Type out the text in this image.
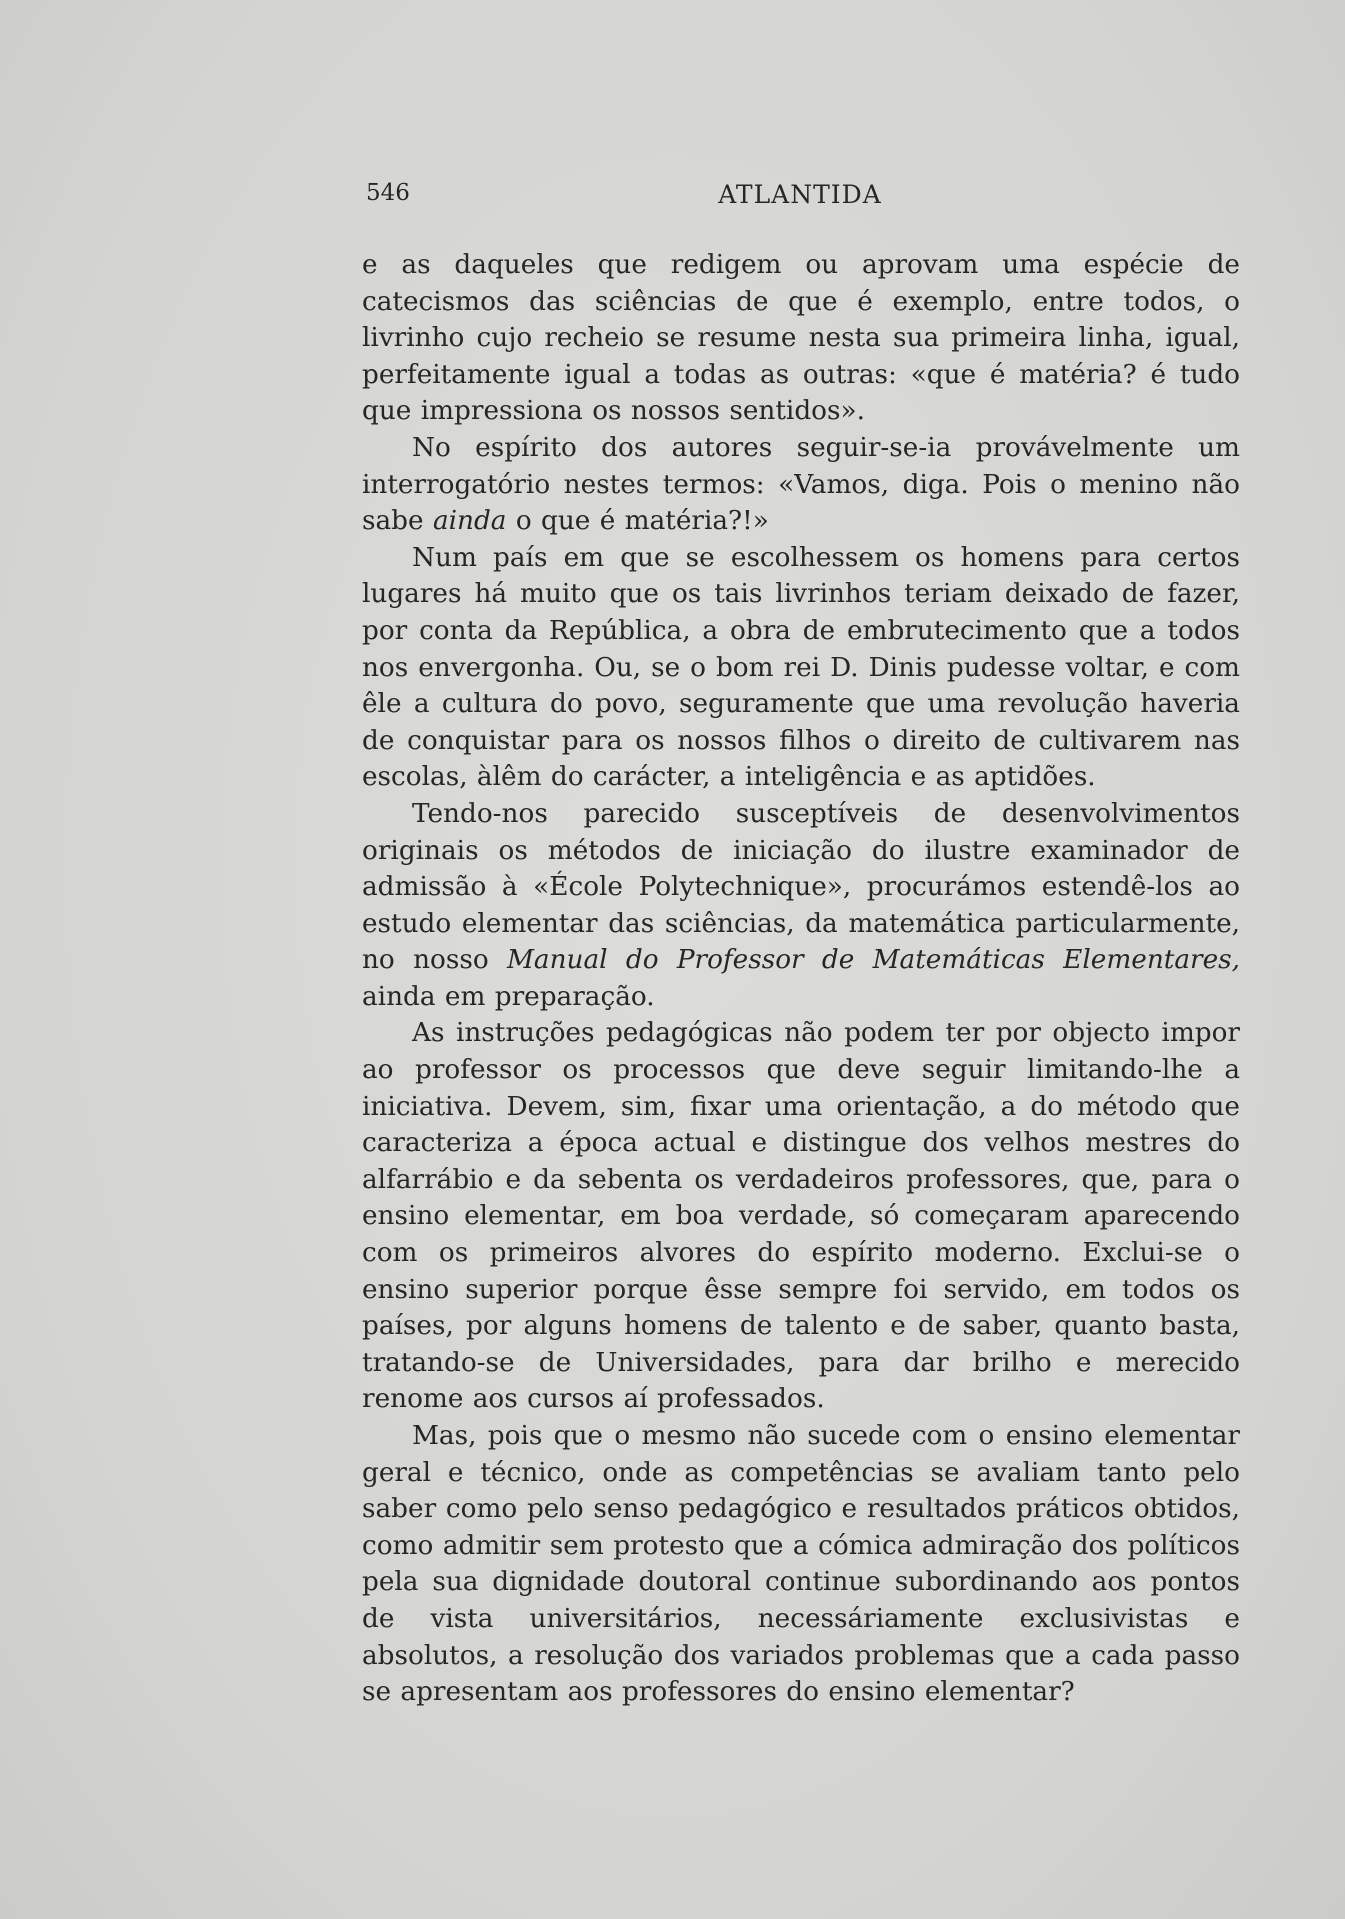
546	ATLANTIDA

e as daqueles que redigem ou aprovam uma espécie de catecismos das sciências de que é exemplo, entre todos, o livrinho cujo recheio se resume nesta sua primeira linha, igual, perfeitamente igual a todas as outras: «que é matéria? é tudo que impressiona os nossos sentidos».

No espírito dos autores seguir-se-ia provávelmente um interrogatório nestes termos: «Vamos, diga. Pois o menino não sabe ainda o que é matéria?!»

Num país em que se escolhessem os homens para certos lugares há muito que os tais livrinhos teriam deixado de fazer, por conta da República, a obra de embrutecimento que a todos nos envergonha. Ou, se o bom rei D. Dinis pudesse voltar, e com êle a cultura do povo, seguramente que uma revolução haveria de conquistar para os nossos filhos o direito de cultivarem nas escolas, àlêm do carácter, a inteligência e as aptidões.

Tendo-nos parecido susceptíveis de desenvolvimentos originais os métodos de iniciação do ilustre examinador de admissão à «École Polytechnique», procurámos estendê-los ao estudo elementar das sciências, da matemática particularmente, no nosso Manual do Professor de Matemáticas Elementares, ainda em preparação.

As instruções pedagógicas não podem ter por objecto impor ao professor os processos que deve seguir limitando-lhe a iniciativa. Devem, sim, fixar uma orientação, a do método que caracteriza a época actual e distingue dos velhos mestres do alfarrábio e da sebenta os verdadeiros professores, que, para o ensino elementar, em boa verdade, só começaram aparecendo com os primeiros alvores do espírito moderno. Exclui-se o ensino superior porque êsse sempre foi servido, em todos os países, por alguns homens de talento e de saber, quanto basta, tratando-se de Universidades, para dar brilho e merecido renome aos cursos aí professados.

Mas, pois que o mesmo não sucede com o ensino elementar geral e técnico, onde as competências se avaliam tanto pelo saber como pelo senso pedagógico e resultados práticos obtidos, como admitir sem protesto que a cómica admiração dos políticos pela sua dignidade doutoral continue subordinando aos pontos de vista universitários, necessáriamente exclusivistas e absolutos, a resolução dos variados problemas que a cada passo se apresentam aos professores do ensino elementar?
